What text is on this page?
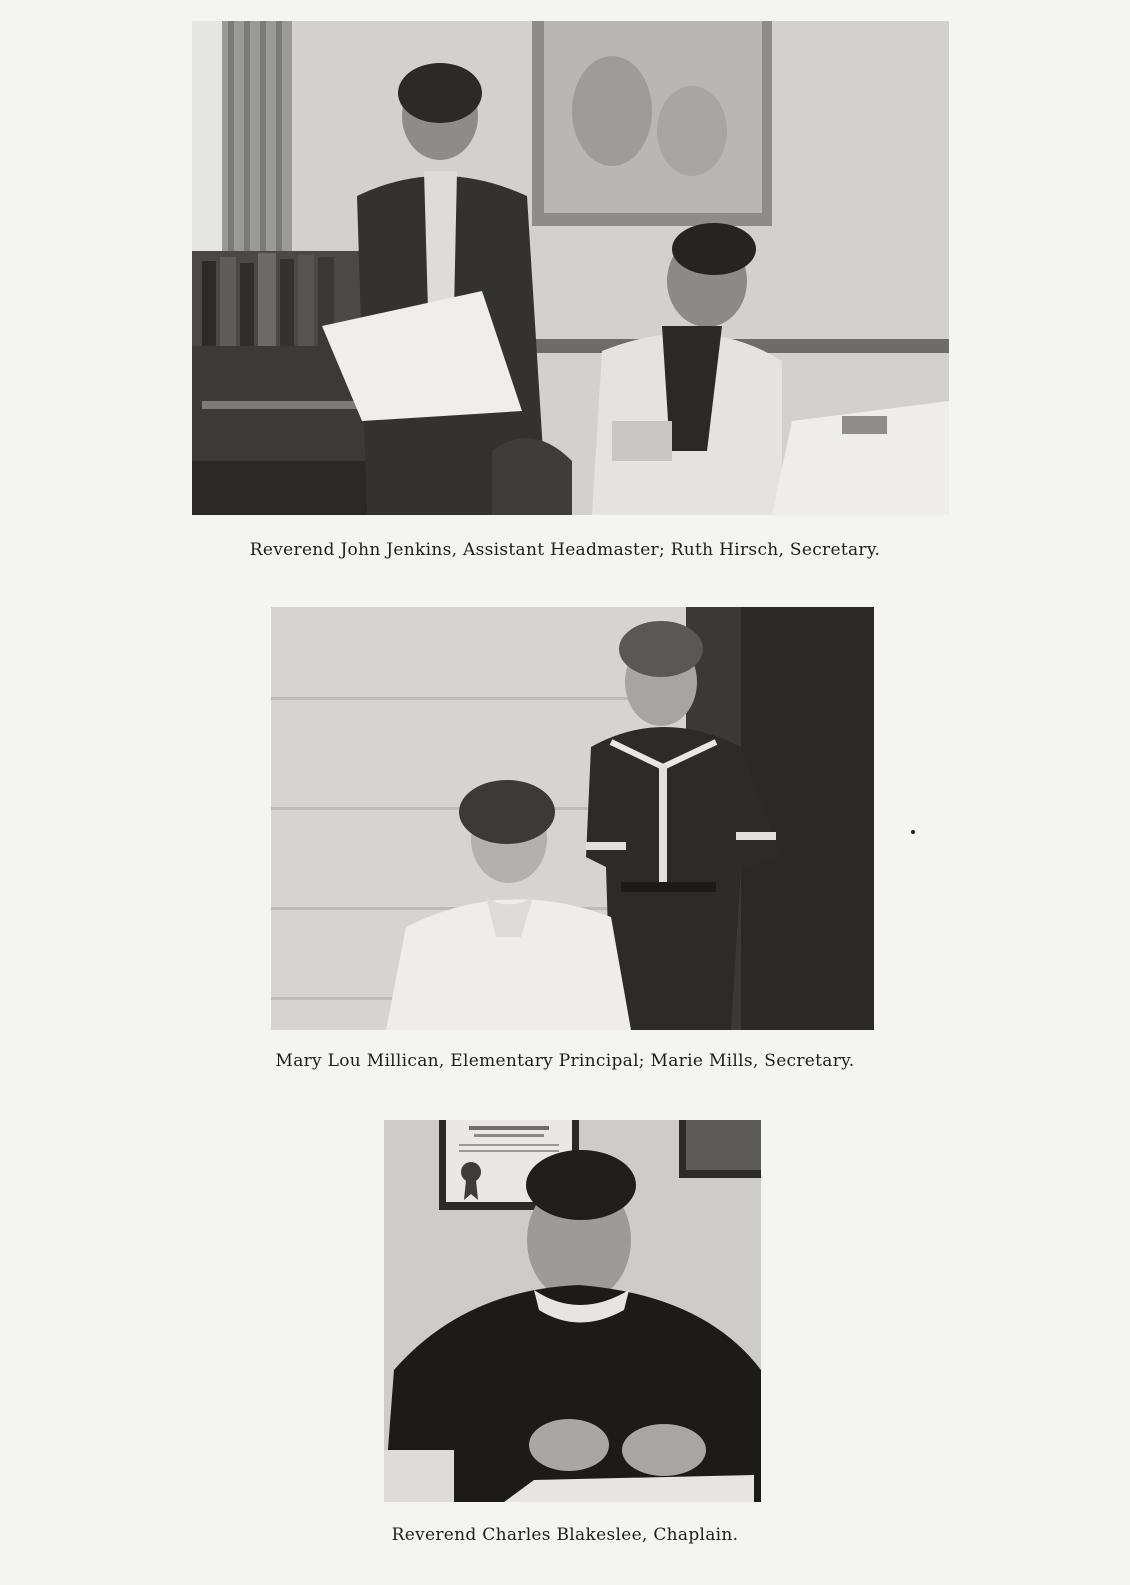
Reverend John Jenkins, Assistant Headmaster; Ruth Hirsch, Secretary.
Mary Lou Millican, Elementary Principal; Marie Mills, Secretary.
Reverend Charles Blakeslee, Chaplain.
